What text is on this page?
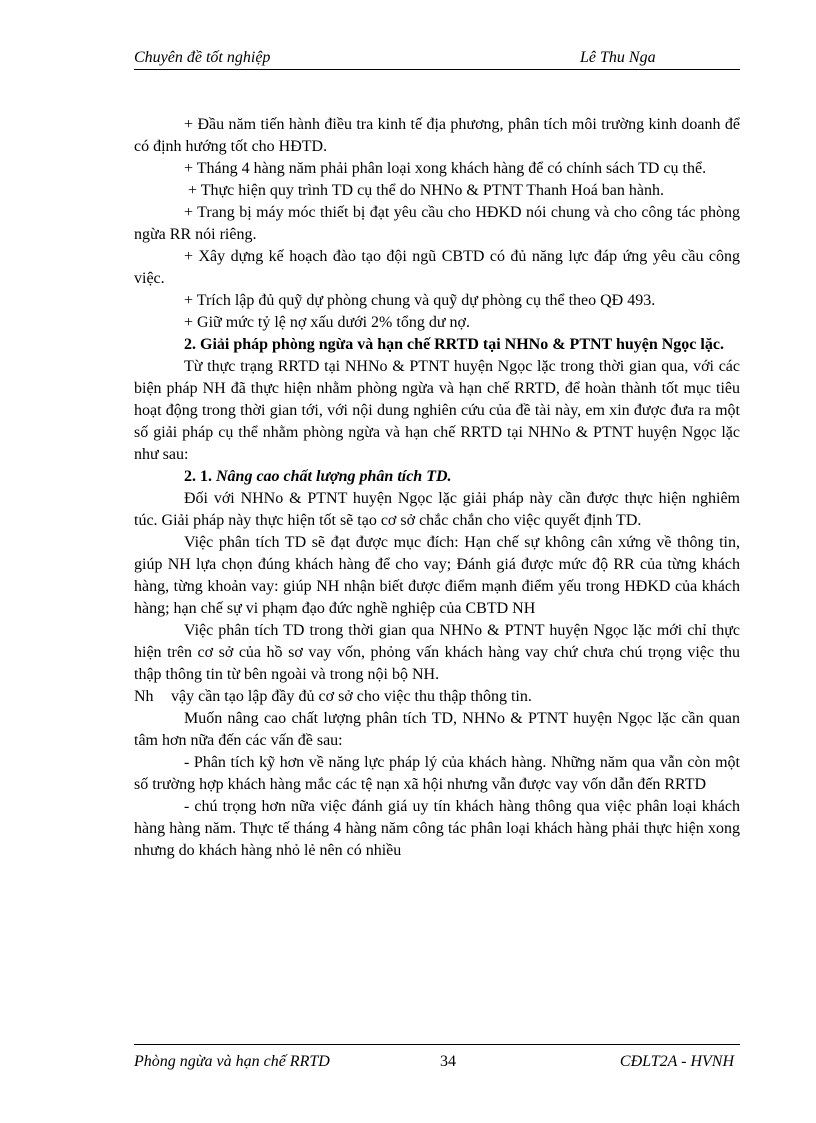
Chuyên đề tốt nghiệp	Lê Thu Nga

+ Đầu năm tiến hành điều tra kinh tế địa phương, phân tích môi trường kinh doanh để có định hướng tốt cho HĐTD.

+ Tháng 4 hàng năm phải phân loại xong khách hàng để có chính sách TD cụ thể.

+ Thực hiện quy trình TD cụ thể do NHNo & PTNT Thanh Hoá ban hành.

+ Trang bị máy móc thiết bị đạt yêu cầu cho HĐKD nói chung và cho công tác phòng ngừa RR nói riêng.

+ Xây dựng kế hoạch đào tạo đội ngũ CBTD có đủ năng lực đáp ứng yêu cầu công việc.

+ Trích lập đủ quỹ dự phòng chung và quỹ dự phòng cụ thể theo QĐ 493.

+ Giữ mức tỷ lệ nợ xấu dưới 2% tổng dư nợ.

2. Giải pháp phòng ngừa và hạn chế RRTD tại NHNo & PTNT huyện Ngọc lặc.

Từ thực trạng RRTD tại NHNo & PTNT huyện Ngọc lặc trong thời gian qua, với các biện pháp NH đã thực hiện nhằm phòng ngừa và hạn chế RRTD, để hoàn thành tốt mục tiêu hoạt động trong thời gian tới, với nội dung nghiên cứu của đề tài này, em xin được đưa ra một số giải pháp cụ thể nhằm phòng ngừa và hạn chế RRTD tại NHNo & PTNT huyện Ngọc lặc như sau:

2. 1. Nâng cao chất lượng phân tích TD.

Đối với NHNo & PTNT huyện Ngọc lặc giải pháp này cần được thực hiện nghiêm túc. Giải pháp này thực hiện tốt sẽ tạo cơ sở chắc chắn cho việc quyết định TD.

Việc phân tích TD sẽ đạt được mục đích: Hạn chế sự không cân xứng về thông tin, giúp NH lựa chọn đúng khách hàng để cho vay; Đánh giá được mức độ RR của từng khách hàng, từng khoản vay: giúp NH nhận biết được điểm mạnh điểm yếu trong HĐKD của khách hàng; hạn chế sự vi phạm đạo đức nghề nghiệp của CBTD NH

Việc phân tích TD trong thời gian qua NHNo & PTNT huyện Ngọc lặc mới chỉ thực hiện trên cơ sở của hồ sơ vay vốn, phỏng vấn khách hàng vay chứ chưa chú trọng việc thu thập thông tin từ bên ngoài và trong nội bộ NH.

Nh	vậy cần tạo lập đầy đủ cơ sở cho việc thu thập thông tin.

Muốn nâng cao chất lượng phân tích TD, NHNo & PTNT huyện Ngọc lặc cần quan tâm hơn nữa đến các vấn đề sau:

- Phân tích kỹ hơn về năng lực pháp lý của khách hàng. Những năm qua vẫn còn một số trường hợp khách hàng mắc các tệ nạn xã hội nhưng vẫn được vay vốn dẫn đến RRTD

- chú trọng hơn nữa việc đánh giá uy tín khách hàng thông qua việc phân loại khách hàng hàng năm. Thực tế tháng 4 hàng năm công tác phân loại khách hàng phải thực hiện xong nhưng do khách hàng nhỏ lẻ nên có nhiều

Phòng ngừa và hạn chế RRTD	34	CĐLT2A - HVNH
